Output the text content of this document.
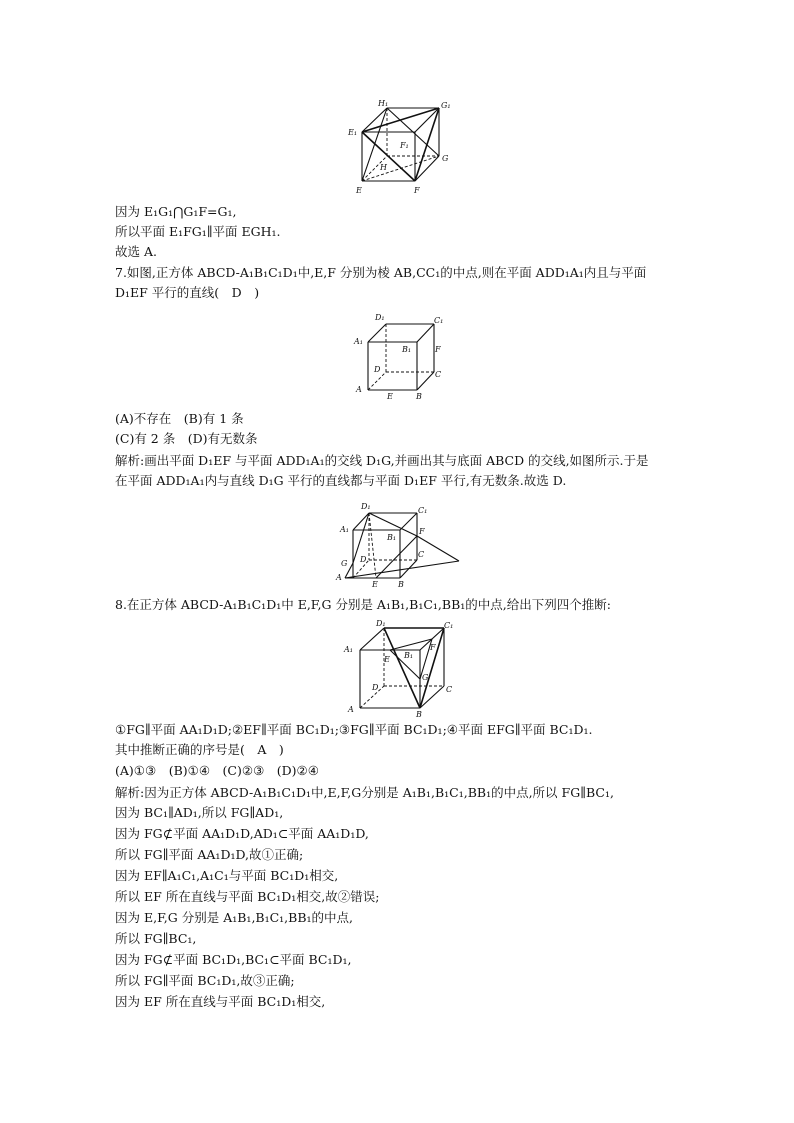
H₁	G₁
E₁
F₁
G
H
E	F
D₁	C₁
A₁
B₁	F
D
C
A
E	B
D₁	C₁
A₁
B₁
F
C
D
G
A
E	B
D₁	C₁
A₁
B₁
F
E
G
D	C
A
B
因为 E₁G₁⋂G₁F=G₁,
所以平面 E₁FG₁∥平面 EGH₁.
故选 A.
7.如图,正方体 ABCD-A₁B₁C₁D₁中,E,F 分别为棱 AB,CC₁的中点,则在平面 ADD₁A₁内且与平面
D₁EF 平行的直线(　D　)
(A)不存在　(B)有 1 条
(C)有 2 条　(D)有无数条
解析:画出平面 D₁EF 与平面 ADD₁A₁的交线 D₁G,并画出其与底面 ABCD 的交线,如图所示.于是
在平面 ADD₁A₁内与直线 D₁G 平行的直线都与平面 D₁EF 平行,有无数条.故选 D.
8.在正方体 ABCD-A₁B₁C₁D₁中 E,F,G 分别是 A₁B₁,B₁C₁,BB₁的中点,给出下列四个推断:
①FG∥平面 AA₁D₁D;②EF∥平面 BC₁D₁;③FG∥平面 BC₁D₁;④平面 EFG∥平面 BC₁D₁.
其中推断正确的序号是(　A　)
(A)①③　(B)①④　(C)②③　(D)②④
解析:因为正方体 ABCD-A₁B₁C₁D₁中,E,F,G分别是 A₁B₁,B₁C₁,BB₁的中点,所以 FG∥BC₁,
因为 BC₁∥AD₁,所以 FG∥AD₁,
因为 FG⊄平面 AA₁D₁D,AD₁⊂平面 AA₁D₁D,
所以 FG∥平面 AA₁D₁D,故①正确;
因为 EF∥A₁C₁,A₁C₁与平面 BC₁D₁相交,
所以 EF 所在直线与平面 BC₁D₁相交,故②错误;
因为 E,F,G 分别是 A₁B₁,B₁C₁,BB₁的中点,
所以 FG∥BC₁,
因为 FG⊄平面 BC₁D₁,BC₁⊂平面 BC₁D₁,
所以 FG∥平面 BC₁D₁,故③正确;
因为 EF 所在直线与平面 BC₁D₁相交,
